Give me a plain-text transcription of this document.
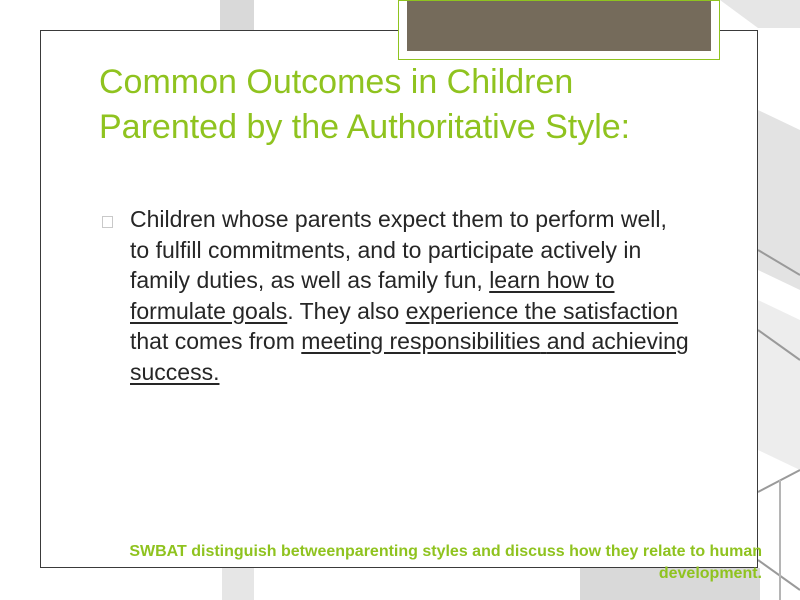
Common Outcomes in Children Parented by the Authoritative Style:
Children whose parents expect them to perform well, to fulfill commitments, and to participate actively in family duties, as well as family fun, learn how to formulate goals. They also experience the satisfaction that comes from meeting responsibilities and achieving success.
SWBAT distinguish betweenparenting styles and discuss how they relate to human development.
